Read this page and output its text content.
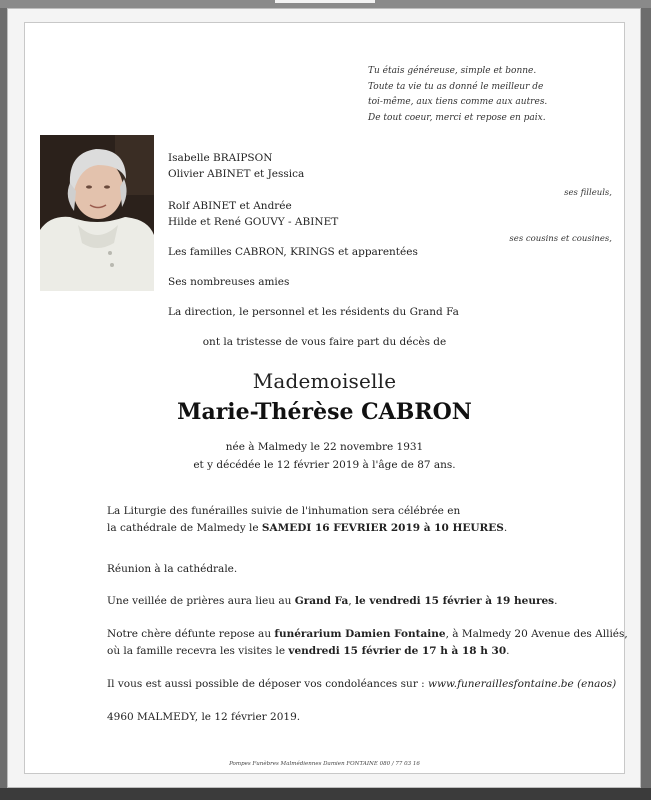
Tu étais généreuse, simple et bonne.
Toute ta vie tu as donné le meilleur de
toi-même, aux tiens comme aux autres.
De tout coeur, merci et repose en paix.
Isabelle BRAIPSON
Olivier ABINET et Jessica
ses filleuls,
Rolf ABINET et Andrée
Hilde et René GOUVY - ABINET
ses cousins et cousines,
Les familles CABRON, KRINGS et apparentées
Ses nombreuses amies
La direction, le personnel et les résidents du Grand Fa
ont la tristesse de vous faire part du décès de
Mademoiselle
Marie-Thérèse CABRON
née à Malmedy le 22 novembre 1931
et y décédée le 12 février 2019 à l'âge de 87 ans.
La Liturgie des funérailles suivie de l'inhumation sera célébrée en
la cathédrale de Malmedy le SAMEDI 16 FEVRIER 2019 à 10 HEURES.
Réunion à la cathédrale.
Une veillée de prières aura lieu au Grand Fa, le vendredi 15 février à 19 heures.
Notre chère défunte repose au funérarium Damien Fontaine, à Malmedy 20 Avenue des Alliés,
où la famille recevra les visites le vendredi 15 février de 17 h à 18 h 30.
Il vous est aussi possible de déposer vos condoléances sur : www.funeraillesfontaine.be (enaos)
4960 MALMEDY, le 12 février 2019.
Pompes Funèbres Malmédiennes Damien FONTAINE 080 / 77 03 16
